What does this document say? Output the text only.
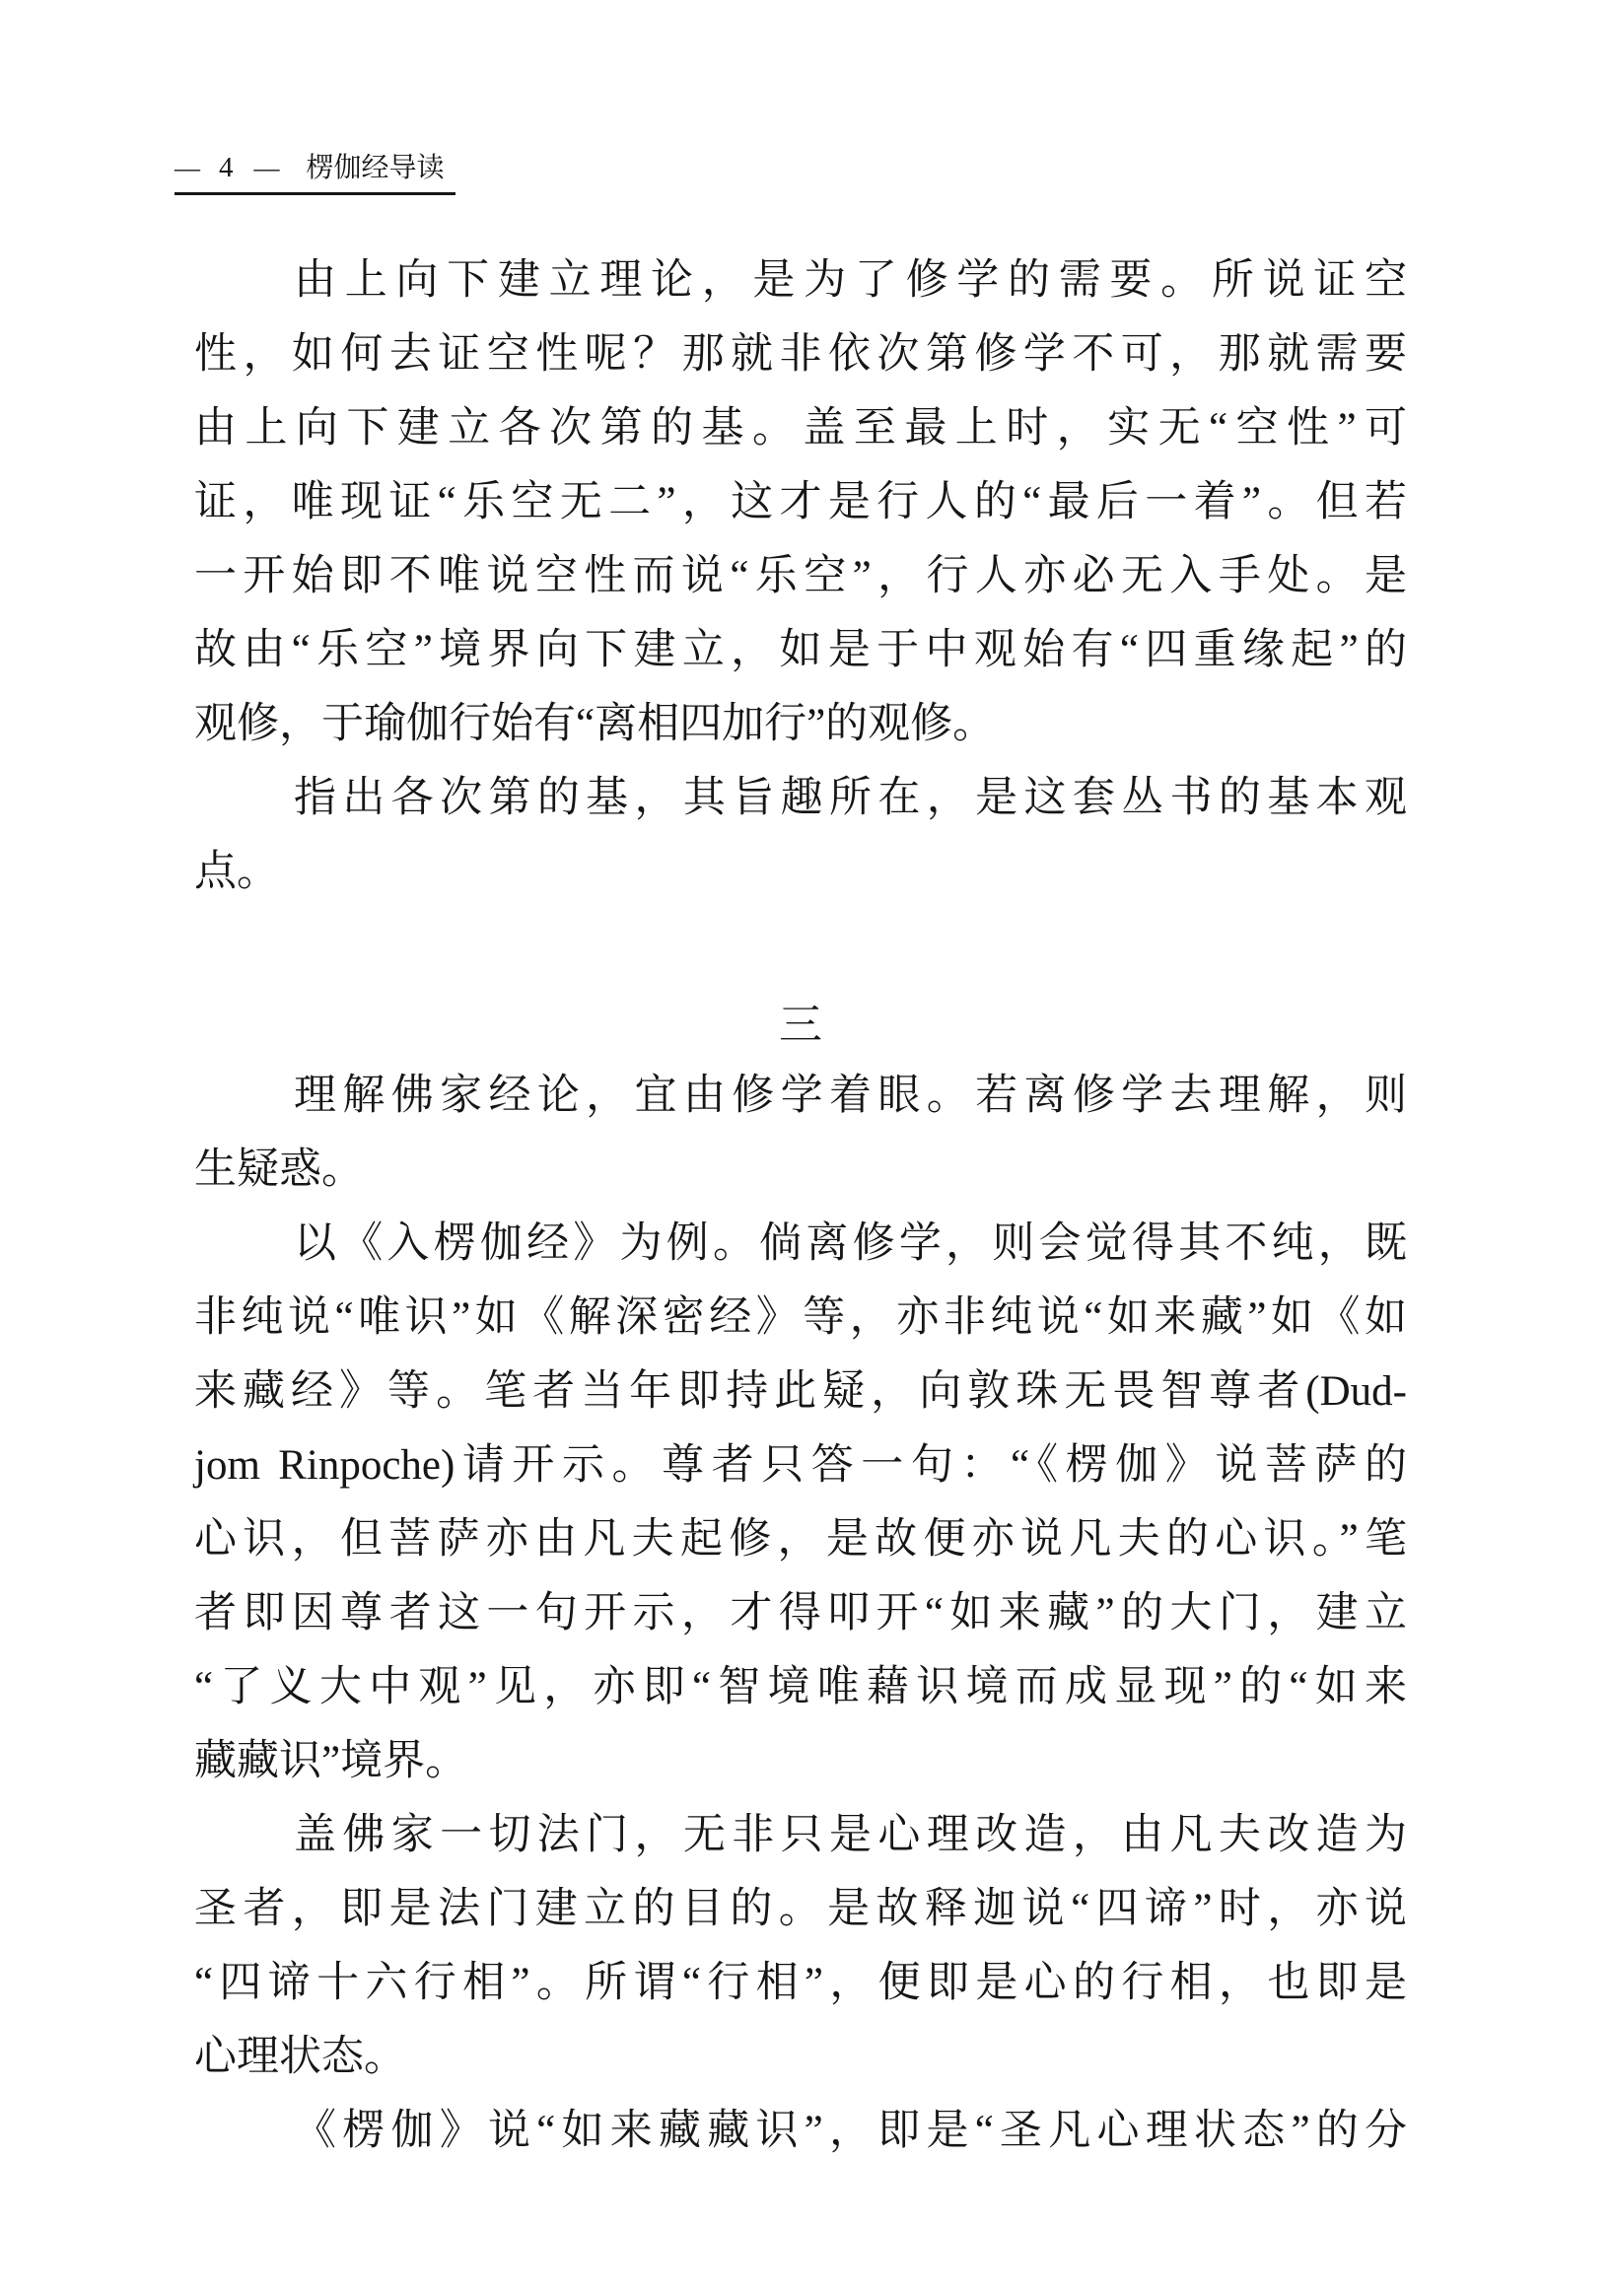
— 4 — 楞伽经导读
由上向下建立理论，是为了修学的需要。所说证空
性，如何去证空性呢？那就非依次第修学不可，那就需要
由上向下建立各次第的基。盖至最上时，实无“空性”可
证，唯现证“乐空无二”，这才是行人的“最后一着”。但若
一开始即不唯说空性而说“乐空”，行人亦必无入手处。是
故由“乐空”境界向下建立，如是于中观始有“四重缘起”的
观修，于瑜伽行始有“离相四加行”的观修。
指出各次第的基，其旨趣所在，是这套丛书的基本观
点。
三
理解佛家经论，宜由修学着眼。若离修学去理解，则
生疑惑。
以《入楞伽经》为例。倘离修学，则会觉得其不纯，既
非纯说“唯识”如《解深密经》等，亦非纯说“如来藏”如《如
来藏经》等。笔者当年即持此疑，向敦珠无畏智尊者(Dud-
jom Rinpoche)请开示。尊者只答一句：“《楞伽》说菩萨的
心识，但菩萨亦由凡夫起修，是故便亦说凡夫的心识。”笔
者即因尊者这一句开示，才得叩开“如来藏”的大门，建立
“了义大中观”见，亦即“智境唯藉识境而成显现”的“如来
藏藏识”境界。
盖佛家一切法门，无非只是心理改造，由凡夫改造为
圣者，即是法门建立的目的。是故释迦说“四谛”时，亦说
“四谛十六行相”。所谓“行相”，便即是心的行相，也即是
心理状态。
《楞伽》说“如来藏藏识”，即是“圣凡心理状态”的分
